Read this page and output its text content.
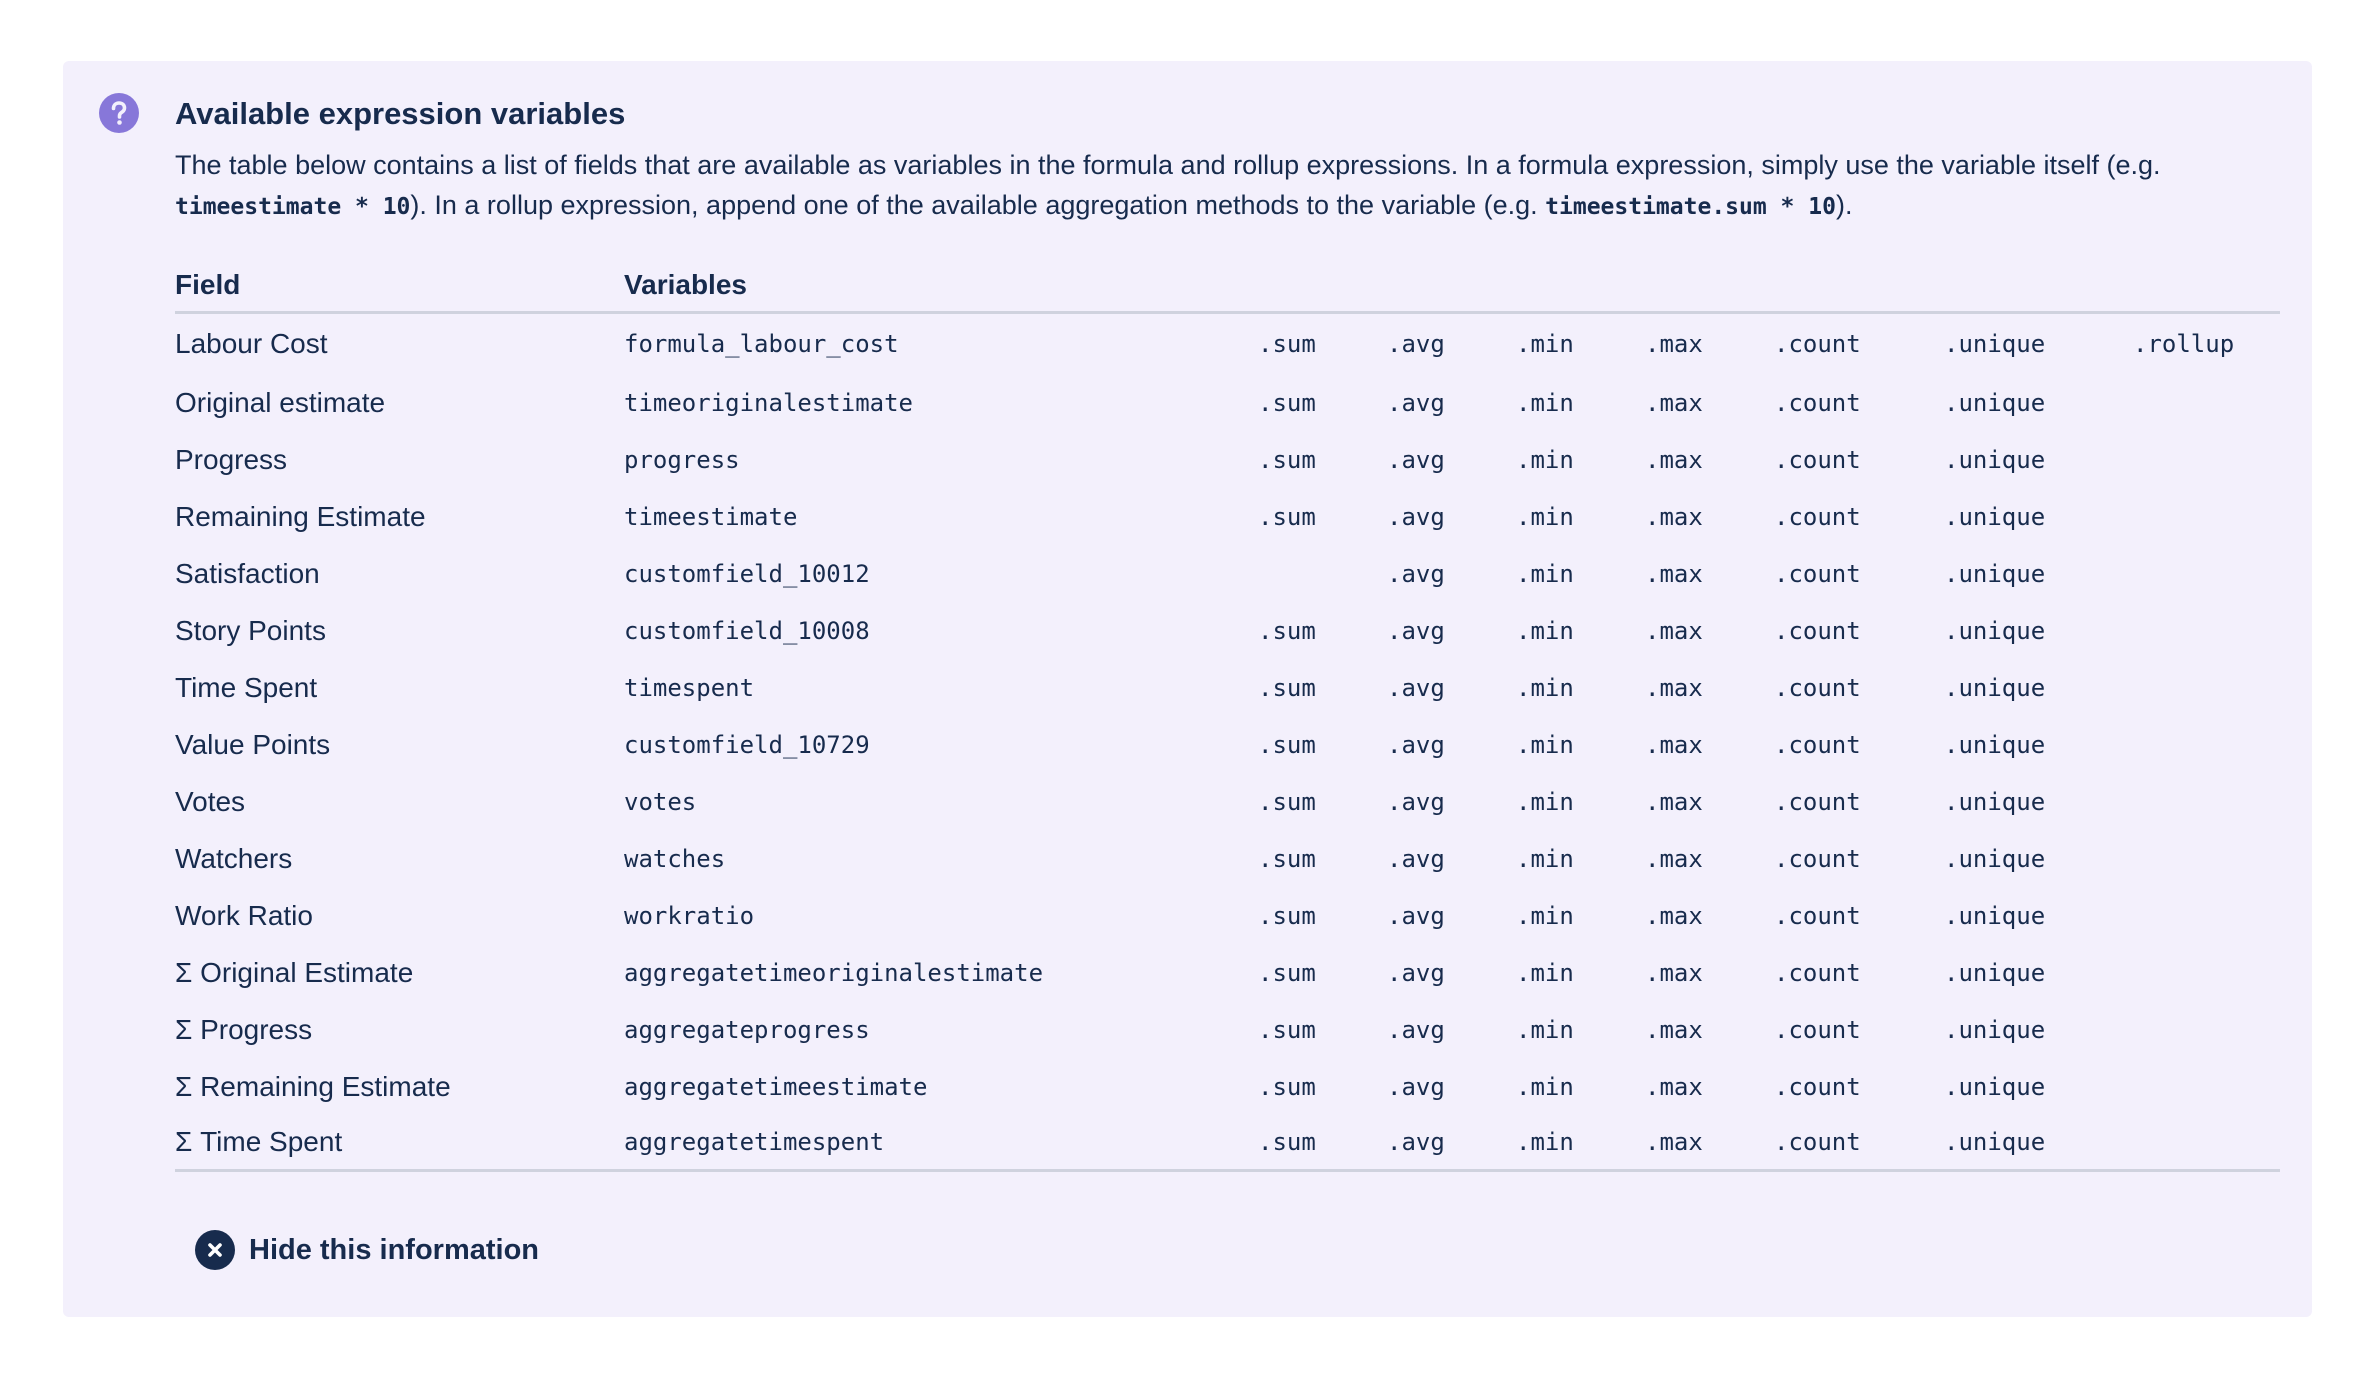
Available expression variables

The table below contains a list of fields that are available as variables in the formula and rollup expressions. In a formula expression, simply use the variable itself (e.g. timeestimate * 10). In a rollup expression, append one of the available aggregation methods to the variable (e.g. timeestimate.sum * 10).

Field	Variables							
Labour Cost	formula_labour_cost	.sum	.avg	.min	.max	.count	.unique	.rollup
Original estimate	timeoriginalestimate	.sum	.avg	.min	.max	.count	.unique	
Progress	progress	.sum	.avg	.min	.max	.count	.unique	
Remaining Estimate	timeestimate	.sum	.avg	.min	.max	.count	.unique	
Satisfaction	customfield_10012		.avg	.min	.max	.count	.unique	
Story Points	customfield_10008	.sum	.avg	.min	.max	.count	.unique	
Time Spent	timespent	.sum	.avg	.min	.max	.count	.unique	
Value Points	customfield_10729	.sum	.avg	.min	.max	.count	.unique	
Votes	votes	.sum	.avg	.min	.max	.count	.unique	
Watchers	watches	.sum	.avg	.min	.max	.count	.unique	
Work Ratio	workratio	.sum	.avg	.min	.max	.count	.unique	
Σ Original Estimate	aggregatetimeoriginalestimate	.sum	.avg	.min	.max	.count	.unique	
Σ Progress	aggregateprogress	.sum	.avg	.min	.max	.count	.unique	
Σ Remaining Estimate	aggregatetimeestimate	.sum	.avg	.min	.max	.count	.unique	
Σ Time Spent	aggregatetimespent	.sum	.avg	.min	.max	.count	.unique	
Hide this information
